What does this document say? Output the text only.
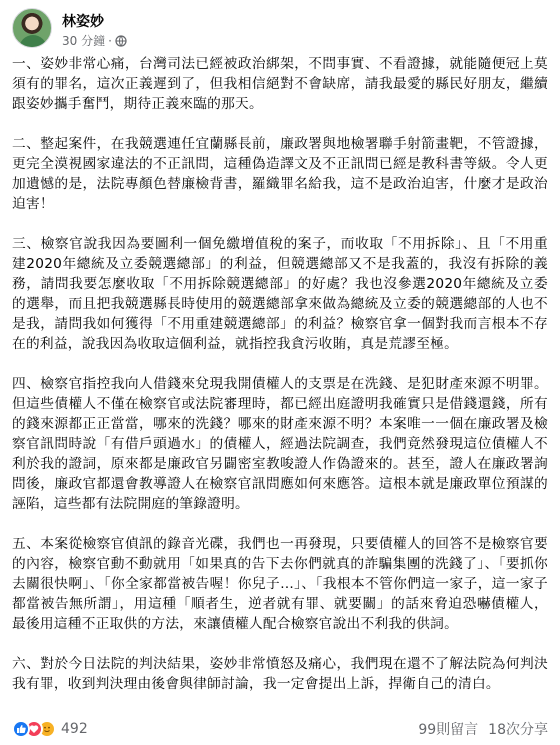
林姿妙
30 分鐘 ·

一、姿妙非常心痛，台灣司法已經被政治綁架，不問事實、不看證據，就能隨便冠上莫須有的罪名，這次正義遲到了，但我相信絕對不會缺席，請我最愛的縣民好朋友，繼續跟姿妙攜手奮鬥，期待正義來臨的那天。

二、整起案件，在我競選連任宜蘭縣長前，廉政署與地檢署聯手射箭畫靶，不管證據，更完全漠視國家違法的不正訊問，這種偽造譯文及不正訊問已經是教科書等級。令人更加遺憾的是，法院專顏色替廉檢背書，羅織罪名給我，這不是政治迫害，什麼才是政治迫害！

三、檢察官說我因為要圖利一個免繳增值稅的案子，而收取「不用拆除」、且「不用重建2020年總統及立委競選總部」的利益，但競選總部又不是我蓋的，我沒有拆除的義務，請問我要怎麼收取「不用拆除競選總部」的好處？我也沒參選2020年總統及立委的選舉，而且把我競選縣長時使用的競選總部拿來做為總統及立委的競選總部的人也不是我，請問我如何獲得「不用重建競選總部」的利益？檢察官拿一個對我而言根本不存在的利益，說我因為收取這個利益，就指控我貪污收賄，真是荒謬至極。

四、檢察官指控我向人借錢來兌現我開債權人的支票是在洗錢、是犯財產來源不明罪。但這些債權人不僅在檢察官或法院審理時，都已經出庭證明我確實只是借錢還錢，所有的錢來源都正正當當，哪來的洗錢？哪來的財產來源不明？本案唯一一個在廉政署及檢察官訊問時說「有借戶頭過水」的債權人，經過法院調查，我們竟然發現這位債權人不利於我的證詞，原來都是廉政官另闢密室教唆證人作偽證來的。甚至，證人在廉政署詢問後，廉政官都還會教導證人在檢察官訊問應如何來應答。這根本就是廉政單位預謀的誣陷，這些都有法院開庭的筆錄證明。

五、本案從檢察官偵訊的錄音光碟，我們也一再發現，只要債權人的回答不是檢察官要的內容，檢察官動不動就用「如果真的告下去你們就真的詐騙集團的洗錢了」、「要抓你去關很快啊」、「你全家都當被告喔！你兒子…」、「我根本不管你們這一家子，這一家子都當被告無所謂」，用這種「順者生，逆者就有罪、就要關」的話來脅迫恐嚇債權人，最後用這種不正取供的方法，來讓債權人配合檢察官說出不利我的供詞。

六、對於今日法院的判決結果，姿妙非常憤怒及痛心，我們現在還不了解法院為何判決我有罪，收到判決理由後會與律師討論，我一定會提出上訴，捍衛自己的清白。

492	99則留言 18次分享
